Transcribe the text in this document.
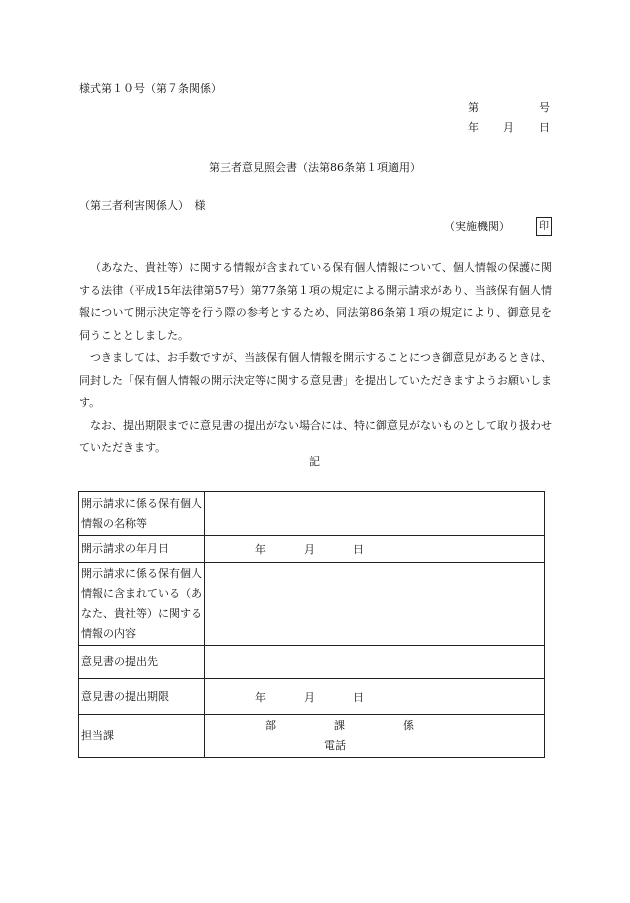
様式第１０号（第７条関係）
第	号
年 月 日
第三者意見照会書（法第86条第１項適用）
（第三者利害関係人）　様
（実施機関）	印

（あなた、貴社等）に関する情報が含まれている保有個人情報について、個人情報の保護に関する法律（平成15年法律第57号）第77条第１項の規定による開示請求があり、当該保有個人情報について開示決定等を行う際の参考とするため、同法第86条第１項の規定により、御意見を伺うこととしました。

つきましては、お手数ですが、当該保有個人情報を開示することにつき御意見があるときは、同封した「保有個人情報の開示決定等に関する意見書」を提出していただきますようお願いします。

なお、提出期限までに意見書の提出がない場合には、特に御意見がないものとして取り扱わせていただきます。

記
開示請求に係る保有個人情報の名称等	
開示請求の年月日	年 月 日
開示請求に係る保有個人情報に含まれている（あなた、貴社等）に関する情報の内容	
意見書の提出先	
意見書の提出期限	年 月 日
担当課	部 課 係
電話
